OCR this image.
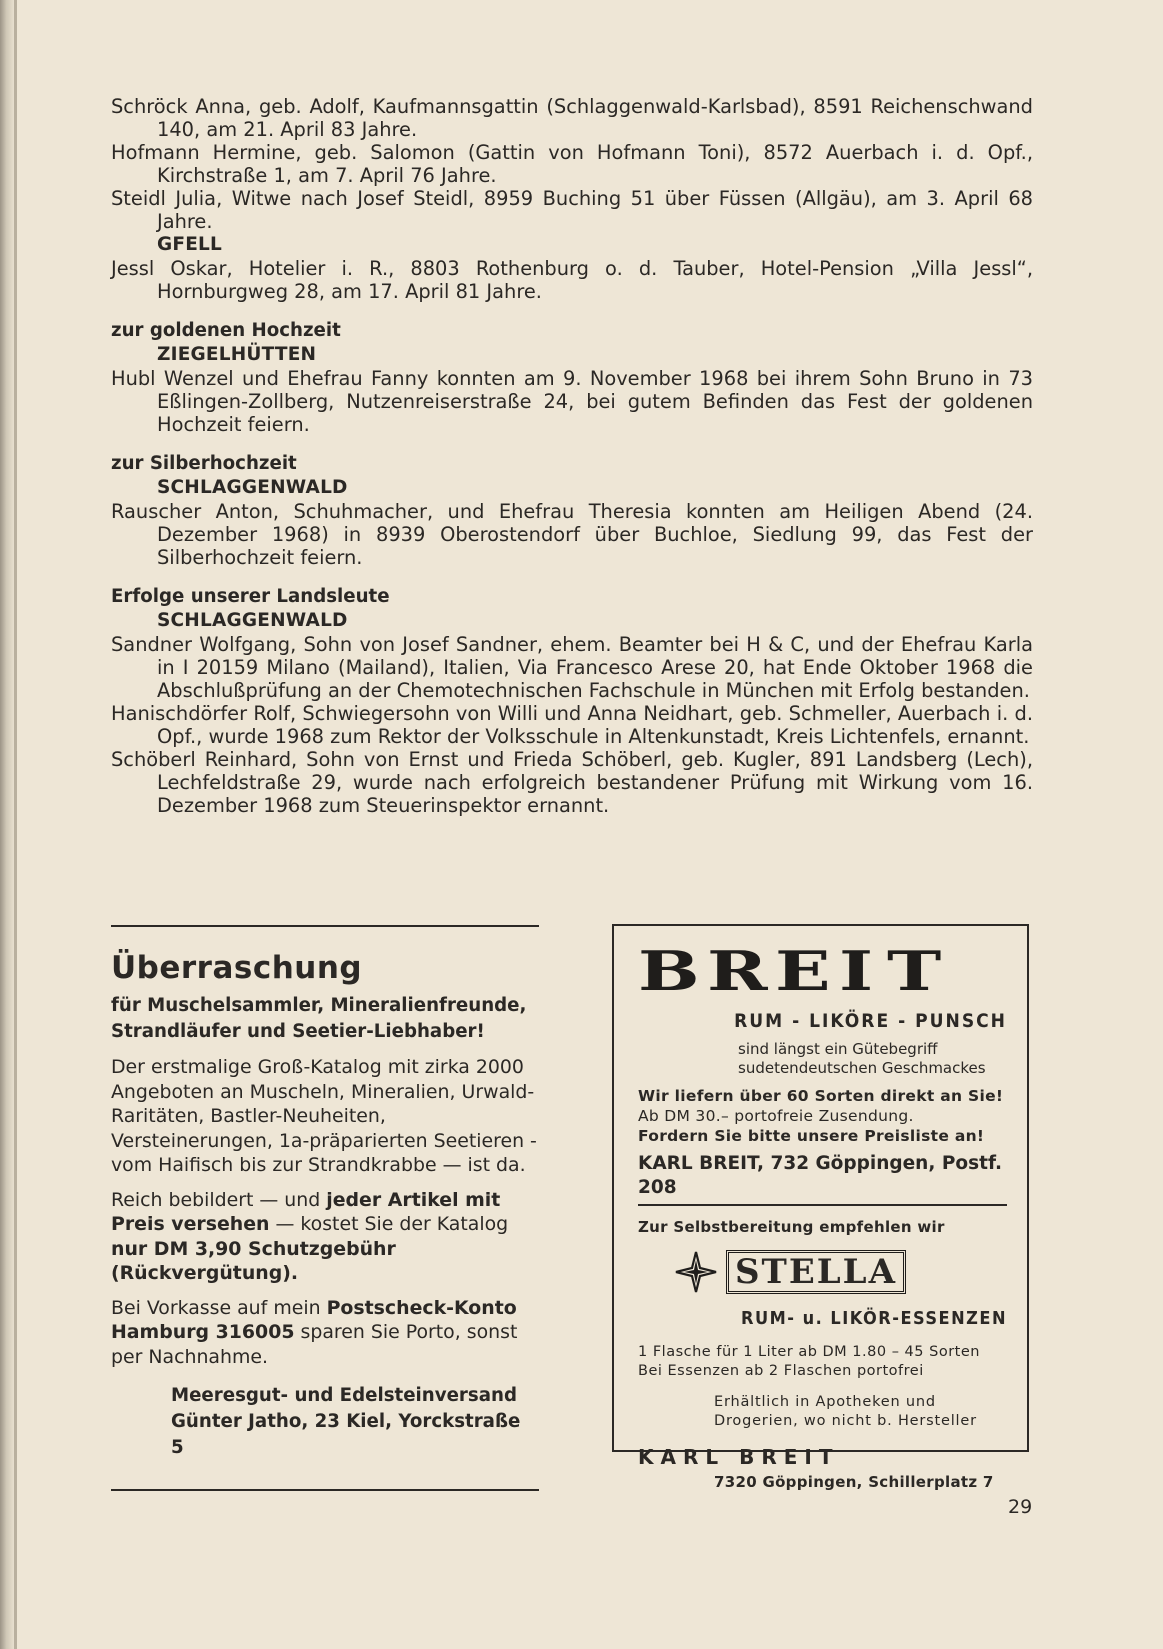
Schröck Anna, geb. Adolf, Kaufmannsgattin (Schlaggenwald-Karlsbad), 8591 Reichenschwand 140, am 21. April 83 Jahre.

Hofmann Hermine, geb. Salomon (Gattin von Hofmann Toni), 8572 Auerbach i. d. Opf., Kirchstraße 1, am 7. April 76 Jahre.

Steidl Julia, Witwe nach Josef Steidl, 8959 Buching 51 über Füssen (Allgäu), am 3. April 68 Jahre.

GFELL

Jessl Oskar, Hotelier i. R., 8803 Rothenburg o. d. Tauber, Hotel-Pension „Villa Jessl“, Hornburgweg 28, am 17. April 81 Jahre.

zur goldenen Hochzeit

ZIEGELHÜTTEN

Hubl Wenzel und Ehefrau Fanny konnten am 9. November 1968 bei ihrem Sohn Bruno in 73 Eßlingen-Zollberg, Nutzenreiserstraße 24, bei gutem Befinden das Fest der goldenen Hochzeit feiern.

zur Silberhochzeit

SCHLAGGENWALD

Rauscher Anton, Schuhmacher, und Ehefrau Theresia konnten am Heiligen Abend (24. Dezember 1968) in 8939 Oberostendorf über Buchloe, Siedlung 99, das Fest der Silberhochzeit feiern.

Erfolge unserer Landsleute

SCHLAGGENWALD

Sandner Wolfgang, Sohn von Josef Sandner, ehem. Beamter bei H & C, und der Ehefrau Karla in I 20159 Milano (Mailand), Italien, Via Francesco Arese 20, hat Ende Oktober 1968 die Abschlußprüfung an der Chemotechnischen Fachschule in München mit Erfolg bestanden.

Hanischdörfer Rolf, Schwiegersohn von Willi und Anna Neidhart, geb. Schmeller, Auerbach i. d. Opf., wurde 1968 zum Rektor der Volksschule in Altenkunstadt, Kreis Lichtenfels, ernannt.

Schöberl Reinhard, Sohn von Ernst und Frieda Schöberl, geb. Kugler, 891 Landsberg (Lech), Lechfeldstraße 29, wurde nach erfolgreich bestandener Prüfung mit Wirkung vom 16. Dezember 1968 zum Steuerinspektor ernannt.

Überraschung

für Muschelsammler, Mineralienfreunde, Strandläufer und Seetier-Liebhaber!

Der erstmalige Groß-Katalog mit zirka 2000 Angeboten an Muscheln, Mineralien, Urwald-Raritäten, Bastler-Neuheiten, Versteinerungen, 1a-präparierten Seetieren - vom Haifisch bis zur Strandkrabbe — ist da.

Reich bebildert — und jeder Artikel mit Preis versehen — kostet Sie der Katalog nur DM 3,90 Schutzgebühr (Rückvergütung).

Bei Vorkasse auf mein Postscheck-Konto Hamburg 316005 sparen Sie Porto, sonst per Nachnahme.

Meeresgut- und Edelsteinversand
Günter Jatho, 23 Kiel, Yorckstraße 5
B R E I T
RUM - LIKÖRE - PUNSCH
sind längst ein Gütebegriff
sudetendeutschen Geschmackes
Wir liefern über 60 Sorten direkt an Sie!
Ab DM 30.– portofreie Zusendung.
Fordern Sie bitte unsere Preisliste an!
KARL BREIT, 732 Göppingen, Postf. 208
Zur Selbstbereitung empfehlen wir
STELLA
RUM- u. LIKÖR-ESSENZEN
1 Flasche für 1 Liter ab DM 1.80 – 45 Sorten
Bei Essenzen ab 2 Flaschen portofrei
Erhältlich in Apotheken und
Drogerien, wo nicht b. Hersteller
KARL BREIT
7320 Göppingen, Schillerplatz 7
29
